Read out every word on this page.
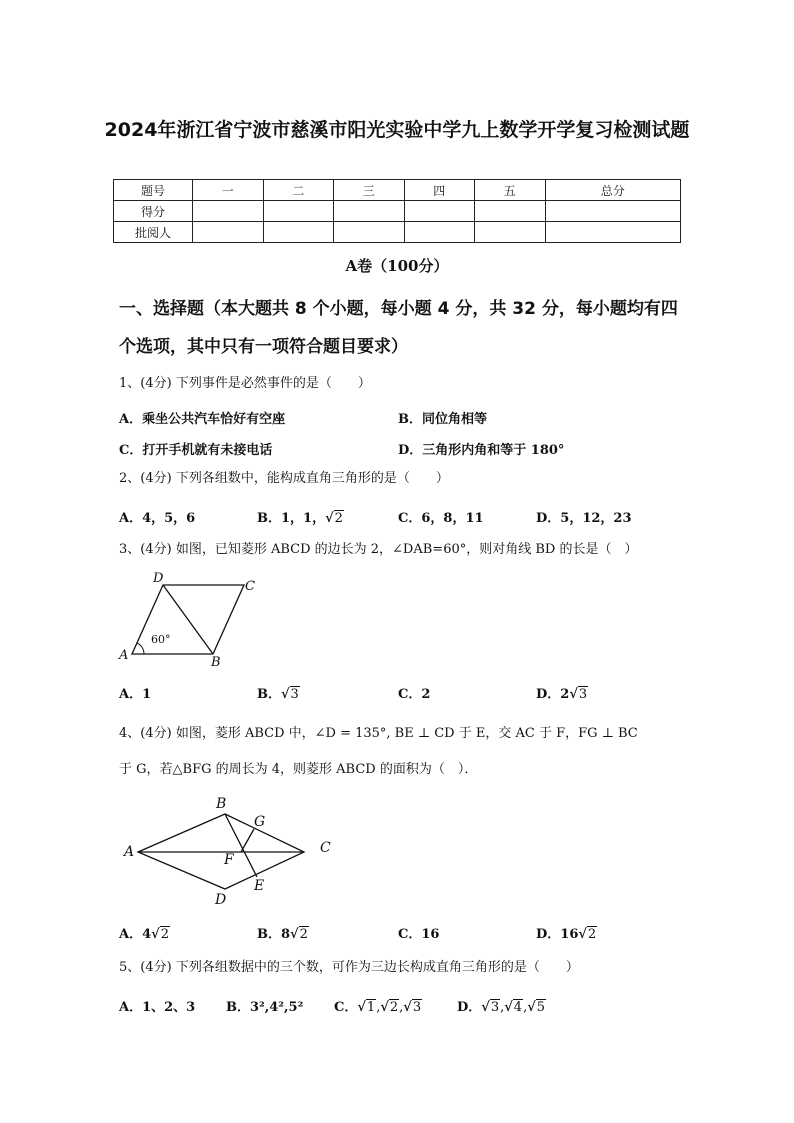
2024年浙江省宁波市慈溪市阳光实验中学九上数学开学复习检测试题
题号	一	二	三	四	五	总分
得分						
批阅人						
A卷（100分）
一、选择题（本大题共 8 个小题，每小题 4 分，共 32 分，每小题均有四个选项，其中只有一项符合题目要求）
1、(4分) 下列事件是必然事件的是（　　）
A．乘坐公共汽车恰好有空座	B．同位角相等
C．打开手机就有未接电话	D．三角形内角和等于 180°
2、(4分) 下列各组数中，能构成直角三角形的是（　　）
A．4，5，6	B．1，1，√2	C．6，8，11	D．5，12，23
3、(4分) 如图，已知菱形 ABCD 的边长为 2，∠DAB=60°，则对角线 BD 的长是（　）
60°
A	B
C
D
A．1	B．√3	C．2	D．2√3
4、(4分) 如图，菱形 ABCD 中，∠D = 135°, BE ⊥ CD 于 E，交 AC 于 F，FG ⊥ BC
于 G，若△BFG 的周长为 4，则菱形 ABCD 的面积为（　）．
A
B
C
D
E
F
G
A．4√2	B．8√2	C．16	D．16√2
5、(4分) 下列各组数据中的三个数，可作为三边长构成直角三角形的是（　　）
A．1、2、3 B．3²,4²,5² C．√1,√2,√3	D．√3,√4,√5
